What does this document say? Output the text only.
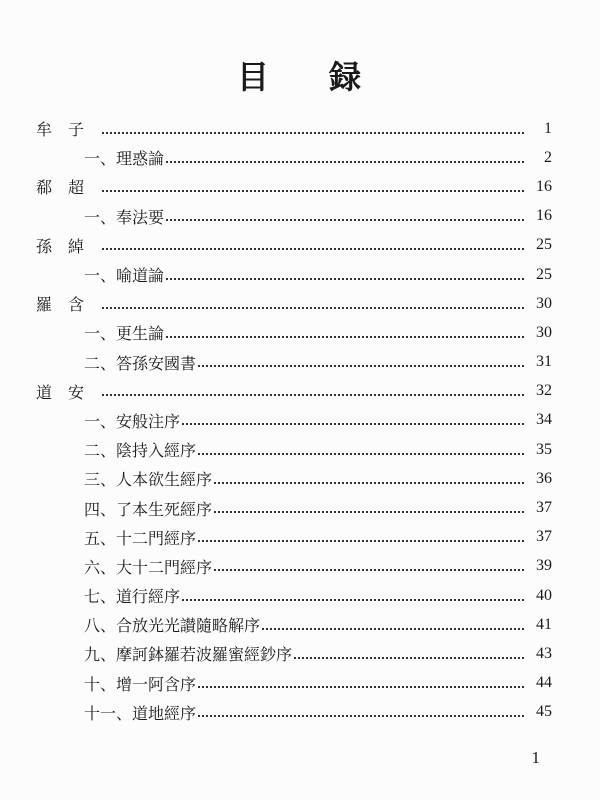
目 録
牟子	1
一、理惑論	2
郗超	16
一、奉法要	16
孫綽	25
一、喻道論	25
羅含	30
一、更生論	30
二、答孫安國書	31
道安	32
一、安般注序	34
二、陰持入經序	35
三、人本欲生經序	36
四、了本生死經序	37
五、十二門經序	37
六、大十二門經序	39
七、道行經序	40
八、合放光光讃隨略解序	41
九、摩訶鉢羅若波羅蜜經鈔序	43
十、增一阿含序	44
十一、道地經序	45
1
